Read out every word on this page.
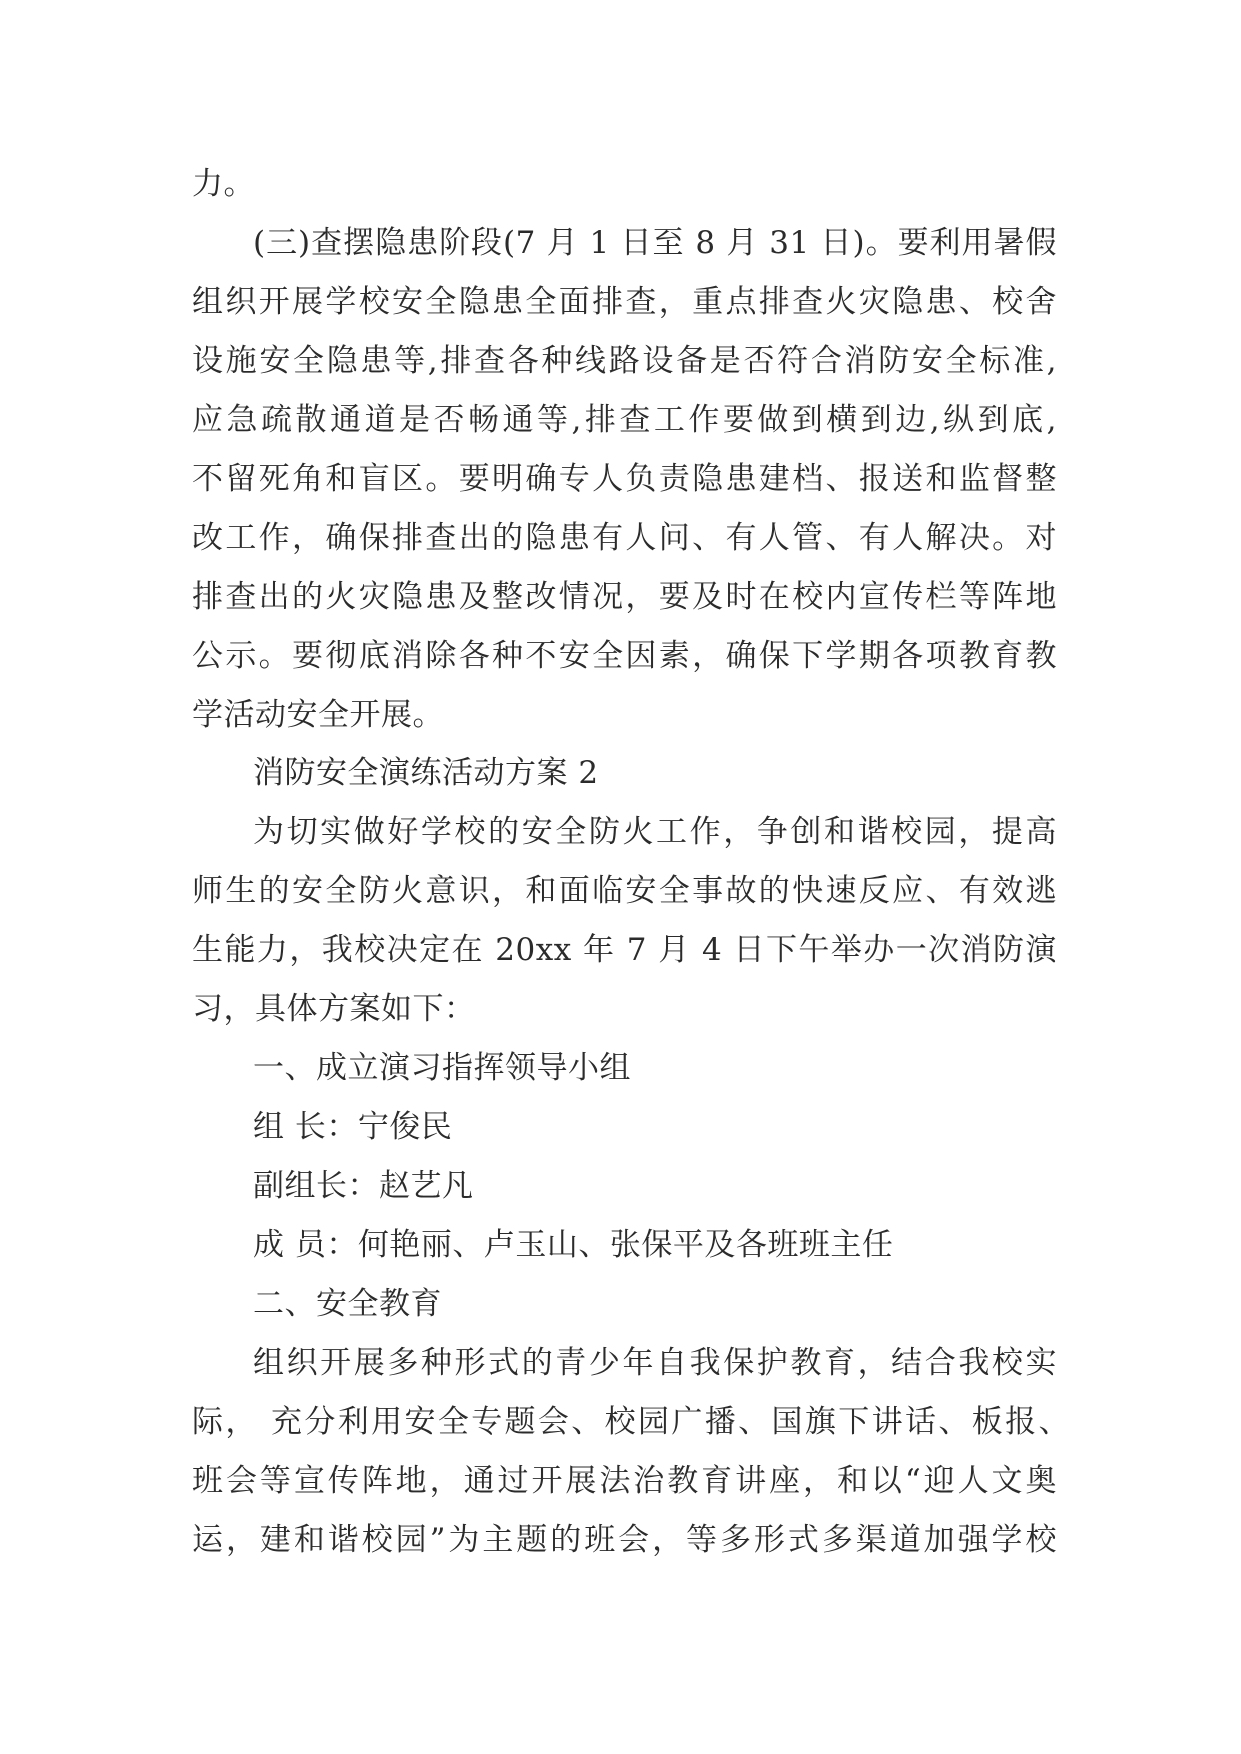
力。
(三)查摆隐患阶段(7 月 1 日至 8 月 31 日)。要利用暑假
组织开展学校安全隐患全面排查，重点排查火灾隐患、校舍
设施安全隐患等,排查各种线路设备是否符合消防安全标准,
应急疏散通道是否畅通等,排查工作要做到横到边,纵到底,
不留死角和盲区。要明确专人负责隐患建档、报送和监督整
改工作，确保排查出的隐患有人问、有人管、有人解决。对
排查出的火灾隐患及整改情况，要及时在校内宣传栏等阵地
公示。要彻底消除各种不安全因素，确保下学期各项教育教
学活动安全开展。
消防安全演练活动方案 2
为切实做好学校的安全防火工作，争创和谐校园，提高
师生的安全防火意识，和面临安全事故的快速反应、有效逃
生能力，我校决定在 20xx 年 7 月 4 日下午举办一次消防演
习，具体方案如下：
一、成立演习指挥领导小组
组 长：宁俊民
副组长：赵艺凡
成 员：何艳丽、卢玉山、张保平及各班班主任
二、安全教育
组织开展多种形式的青少年自我保护教育，结合我校实
际， 充分利用安全专题会、校园广播、国旗下讲话、板报、
班会等宣传阵地，通过开展法治教育讲座，和以“迎人文奥
运，建和谐校园”为主题的班会，等多形式多渠道加强学校
